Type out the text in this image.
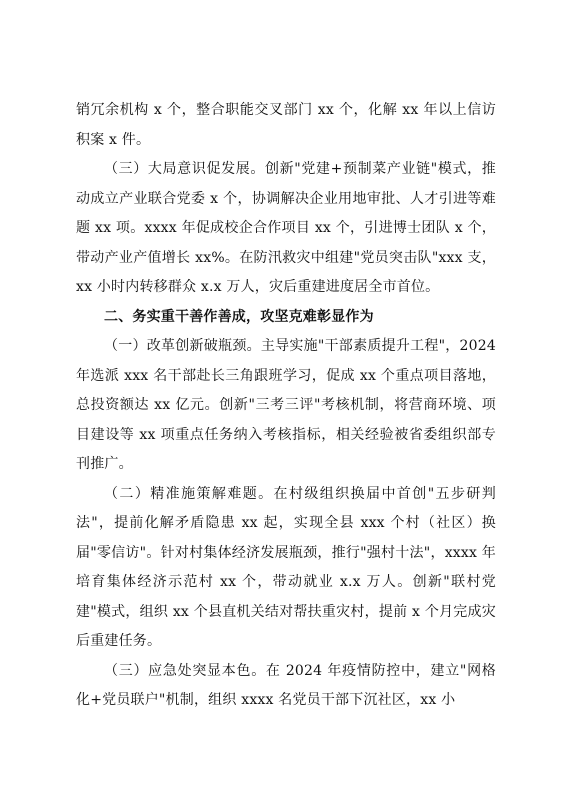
销冗余机构 x 个，整合职能交叉部门 xx 个，化解 xx 年以上信访积案 x 件。

（三）大局意识促发展。创新"党建+预制菜产业链"模式，推动成立产业联合党委 x 个，协调解决企业用地审批、人才引进等难题 xx 项。xxxx 年促成校企合作项目 xx 个，引进博士团队 x 个，带动产业产值增长 xx%。在防汛救灾中组建"党员突击队"xxx 支，xx 小时内转移群众 x.x 万人，灾后重建进度居全市首位。

二、务实重干善作善成，攻坚克难彰显作为

（一）改革创新破瓶颈。主导实施"干部素质提升工程"，2024 年选派 xxx 名干部赴长三角跟班学习，促成 xx 个重点项目落地，总投资额达 xx 亿元。创新"三考三评"考核机制，将营商环境、项目建设等 xx 项重点任务纳入考核指标，相关经验被省委组织部专刊推广。

（二）精准施策解难题。在村级组织换届中首创"五步研判法"，提前化解矛盾隐患 xx 起，实现全县 xxx 个村（社区）换届"零信访"。针对村集体经济发展瓶颈，推行"强村十法"，xxxx 年培育集体经济示范村 xx 个，带动就业 x.x 万人。创新"联村党建"模式，组织 xx 个县直机关结对帮扶重灾村，提前 x 个月完成灾后重建任务。

（三）应急处突显本色。在 2024 年疫情防控中，建立"网格化+党员联户"机制，组织 xxxx 名党员干部下沉社区，xx 小
